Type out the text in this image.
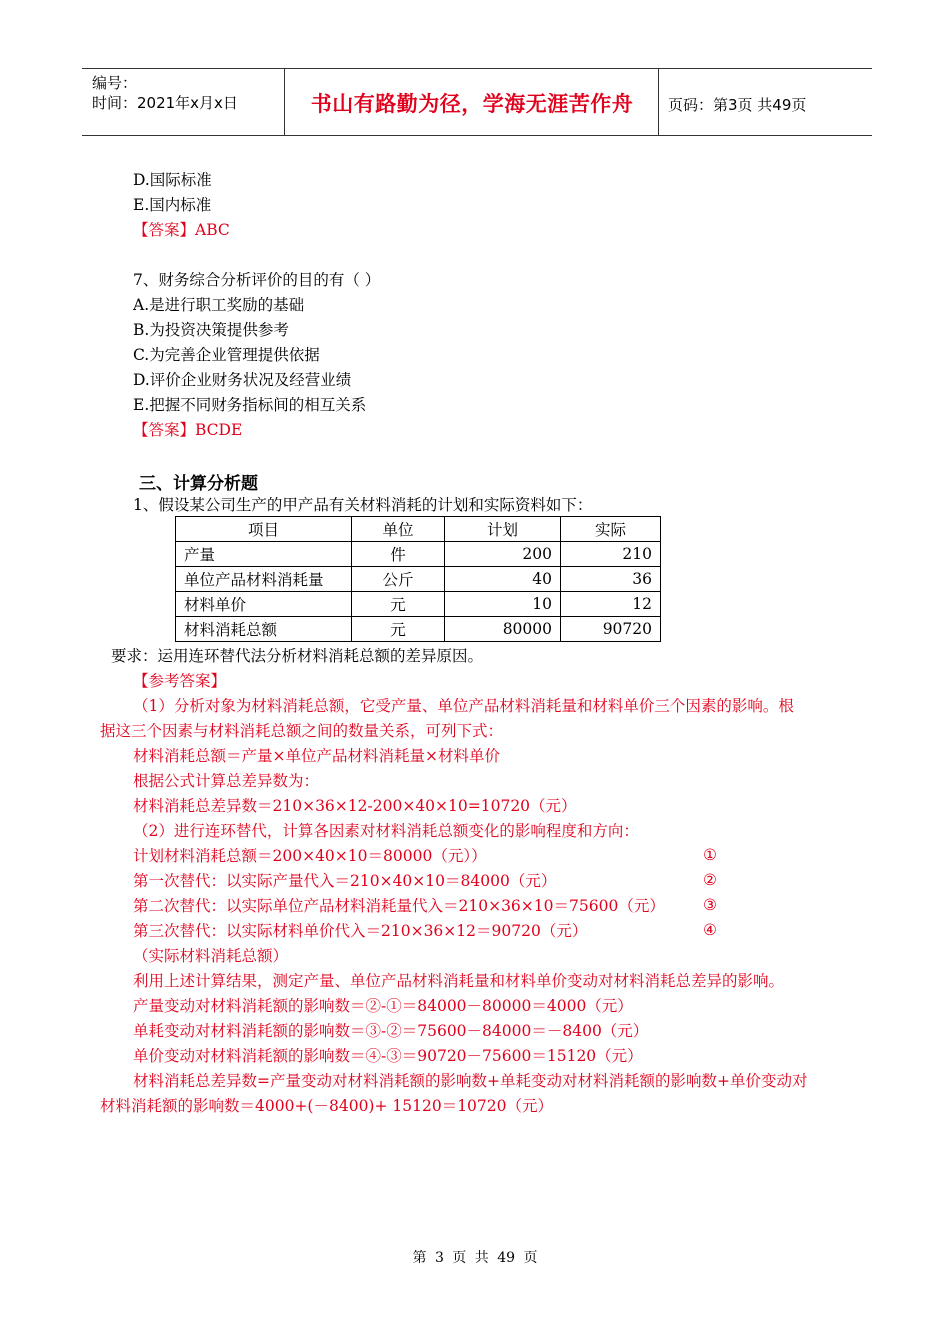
编号：
时间：2021年x月x日	书山有路勤为径，学海无涯苦作舟	页码：第3页 共49页
D.国际标准
E.国内标准
【答案】ABC
7、财务综合分析评价的目的有（ ）
A.是进行职工奖励的基础
B.为投资决策提供参考
C.为完善企业管理提供依据
D.评价企业财务状况及经营业绩
E.把握不同财务指标间的相互关系
【答案】BCDE
三、计算分析题
1、假设某公司生产的甲产品有关材料消耗的计划和实际资料如下：
项目	单位	计划	实际
产量	件	200	210
单位产品材料消耗量	公斤	40	36
材料单价	元	10	12
材料消耗总额	元	80000	90720
要求：运用连环替代法分析材料消耗总额的差异原因。
【参考答案】
（1）分析对象为材料消耗总额，它受产量、单位产品材料消耗量和材料单价三个因素的影响。根
据这三个因素与材料消耗总额之间的数量关系，可列下式：
材料消耗总额＝产量×单位产品材料消耗量×材料单价
根据公式计算总差异数为：
材料消耗总差异数＝210×36×12-200×40×10=10720（元）
（2）进行连环替代，计算各因素对材料消耗总额变化的影响程度和方向：
计划材料消耗总额＝200×40×10＝80000（元））	①
第一次替代：以实际产量代入＝210×40×10＝84000（元）	②
第二次替代：以实际单位产品材料消耗量代入＝210×36×10＝75600（元） ③
第三次替代：以实际材料单价代入＝210×36×12＝90720（元）	④
（实际材料消耗总额）
利用上述计算结果，测定产量、单位产品材料消耗量和材料单价变动对材料消耗总差异的影响。
产量变动对材料消耗额的影响数＝②-①＝84000－80000＝4000（元）
单耗变动对材料消耗额的影响数＝③-②＝75600－84000＝－8400（元）
单价变动对材料消耗额的影响数＝④-③＝90720－75600＝15120（元）
材料消耗总差异数=产量变动对材料消耗额的影响数+单耗变动对材料消耗额的影响数+单价变动对
材料消耗额的影响数＝4000+(－8400)+ 15120＝10720（元）
第 3 页 共 49 页
